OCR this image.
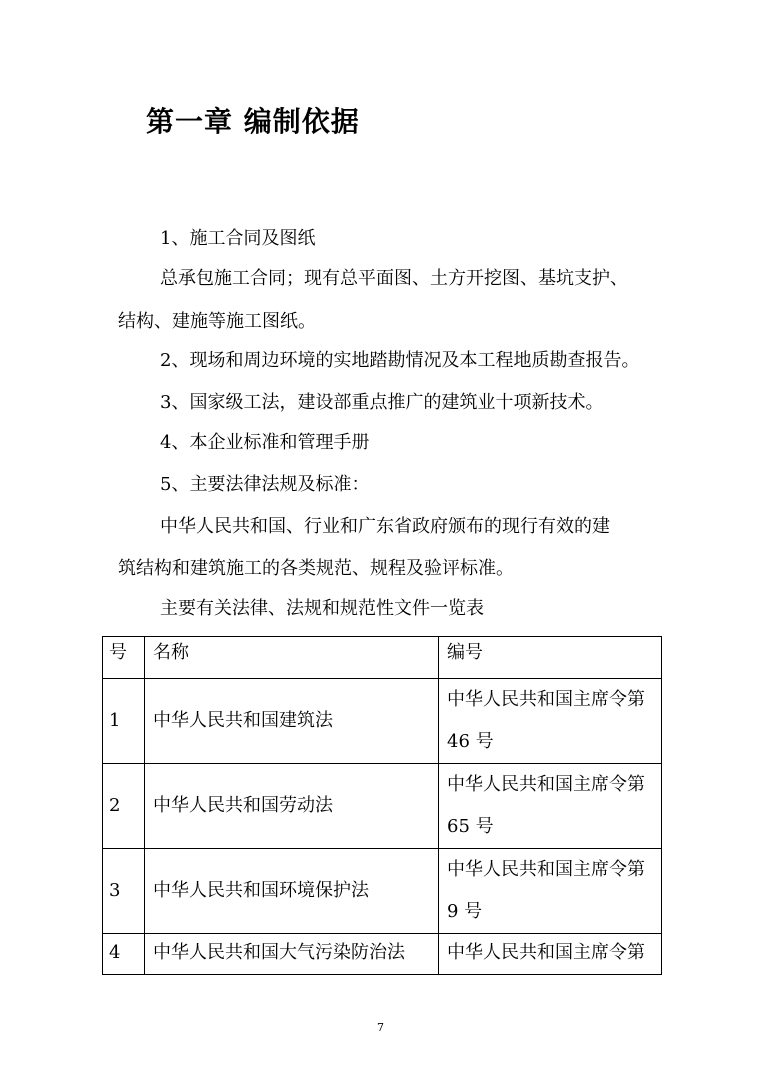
第一章 编制依据
1、施工合同及图纸
总承包施工合同；现有总平面图、土方开挖图、基坑支护、
结构、建施等施工图纸。
2、现场和周边环境的实地踏勘情况及本工程地质勘查报告。
3、国家级工法，建设部重点推广的建筑业十项新技术。
4、本企业标准和管理手册
5、主要法律法规及标准：
中华人民共和国、行业和广东省政府颁布的现行有效的建
筑结构和建筑施工的各类规范、规程及验评标准。
主要有关法律、法规和规范性文件一览表
号	名称	编号
1	中华人民共和国建筑法	中华人民共和国主席令第
46 号

2	中华人民共和国劳动法	中华人民共和国主席令第
65 号

3	中华人民共和国环境保护法	中华人民共和国主席令第
9 号

4	中华人民共和国大气污染防治法	中华人民共和国主席令第
7
